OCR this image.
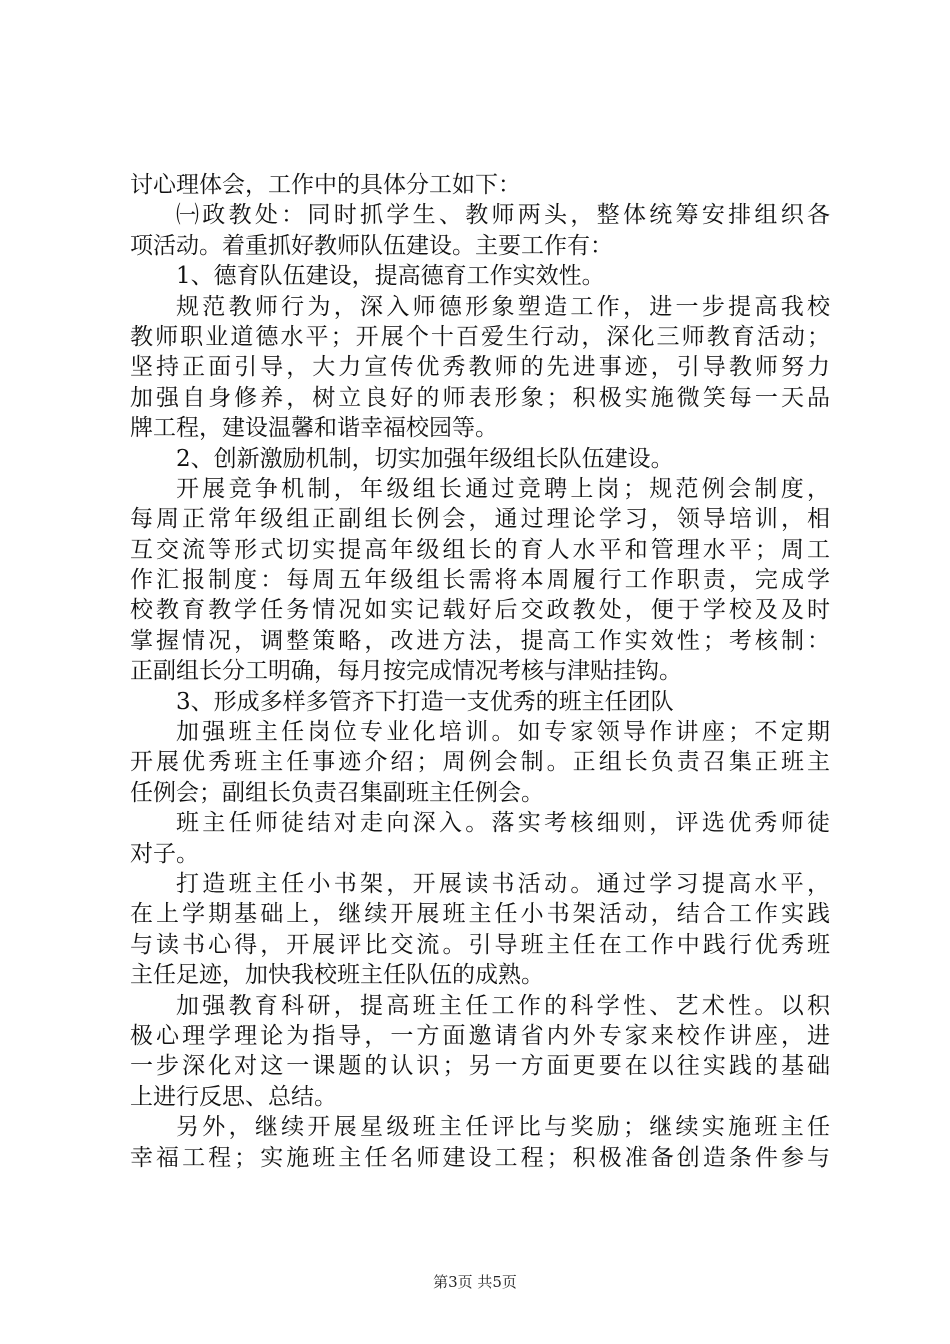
讨心理体会，工作中的具体分工如下：
㈠政教处：同时抓学生、教师两头，整体统筹安排组织各
项活动。着重抓好教师队伍建设。主要工作有：
1、德育队伍建设，提高德育工作实效性。
规范教师行为，深入师德形象塑造工作，进一步提高我校
教师职业道德水平；开展个十百爱生行动，深化三师教育活动；
坚持正面引导，大力宣传优秀教师的先进事迹，引导教师努力
加强自身修养，树立良好的师表形象；积极实施微笑每一天品
牌工程，建设温馨和谐幸福校园等。
2、创新激励机制，切实加强年级组长队伍建设。
开展竞争机制，年级组长通过竞聘上岗；规范例会制度，
每周正常年级组正副组长例会，通过理论学习，领导培训，相
互交流等形式切实提高年级组长的育人水平和管理水平；周工
作汇报制度：每周五年级组长需将本周履行工作职责，完成学
校教育教学任务情况如实记载好后交政教处，便于学校及及时
掌握情况，调整策略，改进方法，提高工作实效性；考核制：
正副组长分工明确，每月按完成情况考核与津贴挂钩。
3、形成多样多管齐下打造一支优秀的班主任团队
加强班主任岗位专业化培训。如专家领导作讲座；不定期
开展优秀班主任事迹介绍；周例会制。正组长负责召集正班主
任例会；副组长负责召集副班主任例会。
班主任师徒结对走向深入。落实考核细则，评选优秀师徒
对子。
打造班主任小书架，开展读书活动。通过学习提高水平，
在上学期基础上，继续开展班主任小书架活动，结合工作实践
与读书心得，开展评比交流。引导班主任在工作中践行优秀班
主任足迹，加快我校班主任队伍的成熟。
加强教育科研，提高班主任工作的科学性、艺术性。以积
极心理学理论为指导，一方面邀请省内外专家来校作讲座，进
一步深化对这一课题的认识；另一方面更要在以往实践的基础
上进行反思、总结。
另外，继续开展星级班主任评比与奖励；继续实施班主任
幸福工程；实施班主任名师建设工程；积极准备创造条件参与
第3页 共5页
